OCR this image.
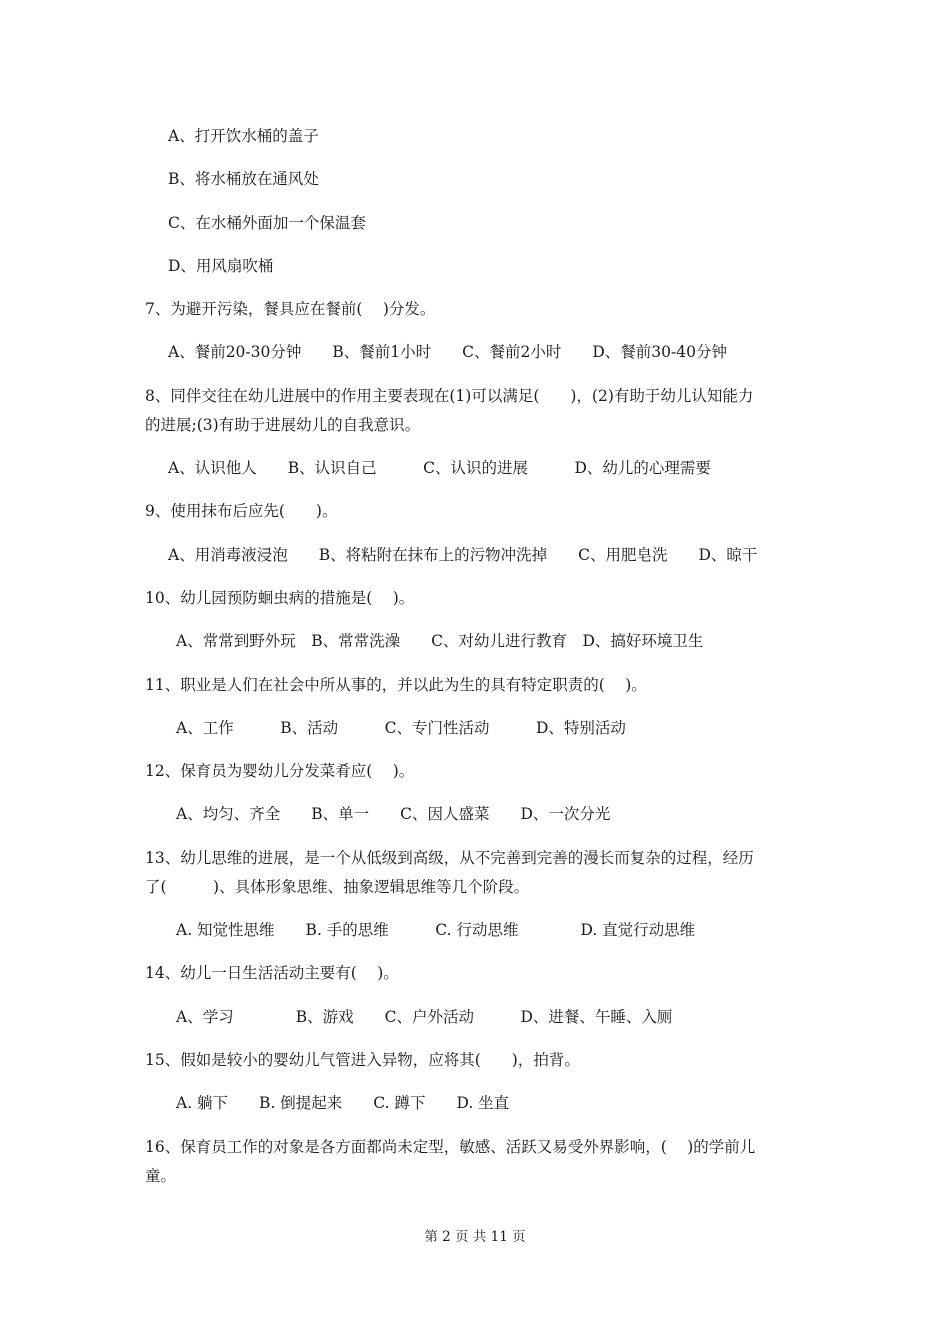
A、打开饮水桶的盖子

B、将水桶放在通风处

C、在水桶外面加一个保温套

D、用风扇吹桶

7、为避开污染，餐具应在餐前(　 )分发。

A、餐前20-30分钟　　B、餐前1小时　　C、餐前2小时　　D、餐前30-40分钟

8、同伴交往在幼儿进展中的作用主要表现在(1)可以满足(　　)，(2)有助于幼儿认知能力

的进展;(3)有助于进展幼儿的自我意识。

A、认识他人　　B、认识自己　　　C、认识的进展　　　D、幼儿的心理需要

9、使用抹布后应先(　　)。

A、用消毒液浸泡　　B、将粘附在抹布上的污物冲洗掉　　C、用肥皂洗　　D、晾干

10、幼儿园预防蛔虫病的措施是(　 )。

A、常常到野外玩　B、常常洗澡　　C、对幼儿进行教育　D、搞好环境卫生

11、职业是人们在社会中所从事的，并以此为生的具有特定职责的(　 )。

A、工作　　　B、活动　　　C、专门性活动　　　D、特别活动

12、保育员为婴幼儿分发菜肴应(　 )。

A、均匀、齐全　　B、单一　　C、因人盛菜　　D、一次分光

13、幼儿思维的进展，是一个从低级到高级，从不完善到完善的漫长而复杂的过程，经历

了(　　　)、具体形象思维、抽象逻辑思维等几个阶段。

A. 知觉性思维　　B. 手的思维　　　C. 行动思维　　　　D. 直觉行动思维

14、幼儿一日生活活动主要有(　 )。

A、学习　　　　B、游戏　　C、户外活动　　　D、进餐、午睡、入厕

15、假如是较小的婴幼儿气管进入异物，应将其(　　)，拍背。

A. 躺下　　B. 倒提起来　　C. 蹲下　　D. 坐直

16、保育员工作的对象是各方面都尚未定型，敏感、活跃又易受外界影响，(　 )的学前儿

童。

第 2 页 共 11 页
